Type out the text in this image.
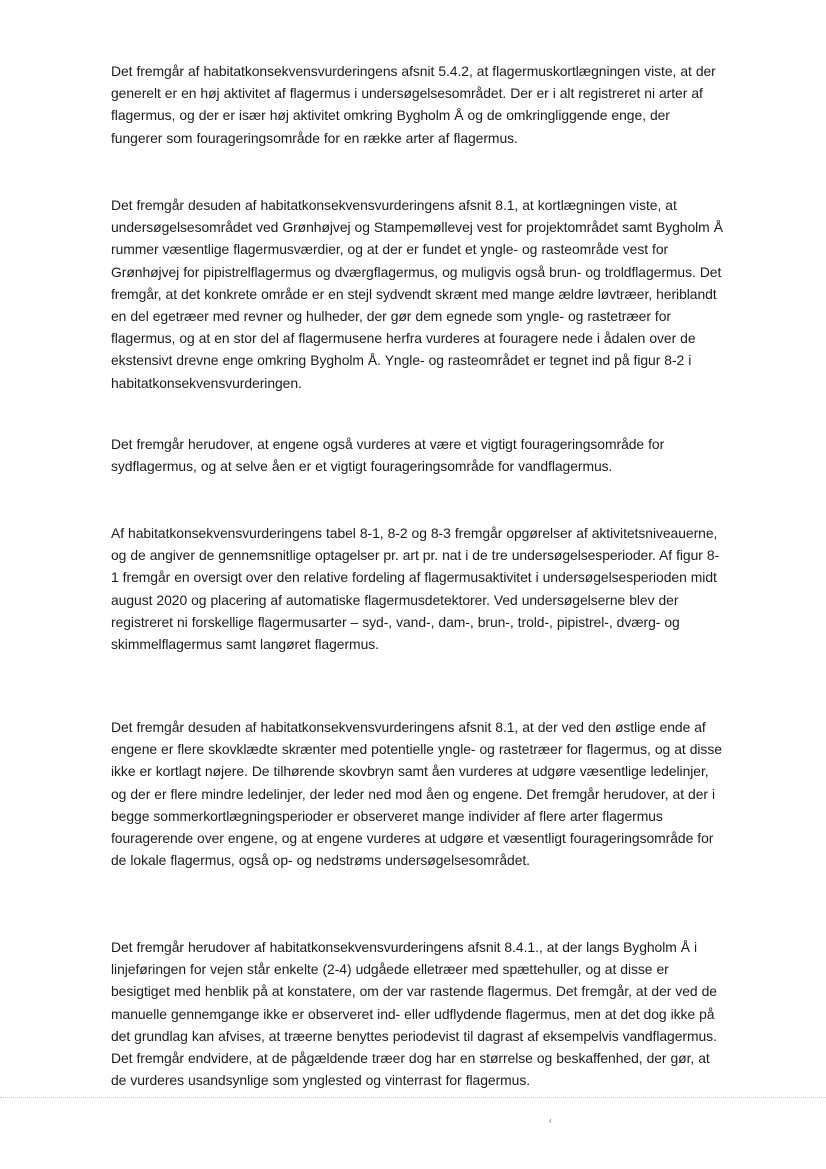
Det fremgår af habitatkonsekvensvurderingens afsnit 5.4.2, at flagermuskortlægningen viste, at der generelt er en høj aktivitet af flagermus i undersøgelsesområdet. Der er i alt registreret ni arter af flagermus, og der er især høj aktivitet omkring Bygholm Å og de omkringliggende enge, der fungerer som fourageringsområde for en række arter af flagermus.

Det fremgår desuden af habitatkonsekvensvurderingens afsnit 8.1, at kortlægningen viste, at undersøgelsesområdet ved Grønhøjvej og Stampemøllevej vest for projektområdet samt Bygholm Å rummer væsentlige flagermusværdier, og at der er fundet et yngle- og rasteområde vest for Grønhøjvej for pipistrelflagermus og dværgflagermus, og muligvis også brun- og troldflagermus. Det fremgår, at det konkrete område er en stejl sydvendt skrænt med mange ældre løvtræer, heriblandt en del egetræer med revner og hulheder, der gør dem egnede som yngle- og rastetræer for flagermus, og at en stor del af flagermusene herfra vurderes at fouragere nede i ådalen over de ekstensivt drevne enge omkring Bygholm Å. Yngle- og rasteområdet er tegnet ind på figur 8-2 i habitatkonsekvensvurderingen.

Det fremgår herudover, at engene også vurderes at være et vigtigt fourageringsområde for sydflagermus, og at selve åen er et vigtigt fourageringsområde for vandflagermus.

Af habitatkonsekvensvurderingens tabel 8-1, 8-2 og 8-3 fremgår opgørelser af aktivitetsniveauerne, og de angiver de gennemsnitlige optagelser pr. art pr. nat i de tre undersøgelsesperioder. Af figur 8-1 fremgår en oversigt over den relative fordeling af flagermusaktivitet i undersøgelsesperioden midt august 2020 og placering af automatiske flagermusdetektorer. Ved undersøgelserne blev der registreret ni forskellige flagermusarter – syd-, vand-, dam-, brun-, trold-, pipistrel-, dværg- og skimmelflagermus samt langøret flagermus.

Det fremgår desuden af habitatkonsekvensvurderingens afsnit 8.1, at der ved den østlige ende af engene er flere skovklædte skrænter med potentielle yngle- og rastetræer for flagermus, og at disse ikke er kortlagt nøjere. De tilhørende skovbryn samt åen vurderes at udgøre væsentlige ledelinjer, og der er flere mindre ledelinjer, der leder ned mod åen og engene. Det fremgår herudover, at der i begge sommerkortlægningsperioder er observeret mange individer af flere arter flagermus fouragerende over engene, og at engene vurderes at udgøre et væsentligt fourageringsområde for de lokale flagermus, også op- og nedstrøms undersøgelsesområdet.

Det fremgår herudover af habitatkonsekvensvurderingens afsnit 8.4.1., at der langs Bygholm Å i linjeføringen for vejen står enkelte (2-4) udgåede elletræer med spættehuller, og at disse er besigtiget med henblik på at konstatere, om der var rastende flagermus. Det fremgår, at der ved de manuelle gennemgange ikke er observeret ind- eller udflydende flagermus, men at det dog ikke på det grundlag kan afvises, at træerne benyttes periodevist til dagrast af eksempelvis vandflagermus. Det fremgår endvidere, at de pågældende træer dog har en størrelse og beskaffenhed, der gør, at de vurderes usandsynlige som ynglested og vinterrast for flagermus.

‹
